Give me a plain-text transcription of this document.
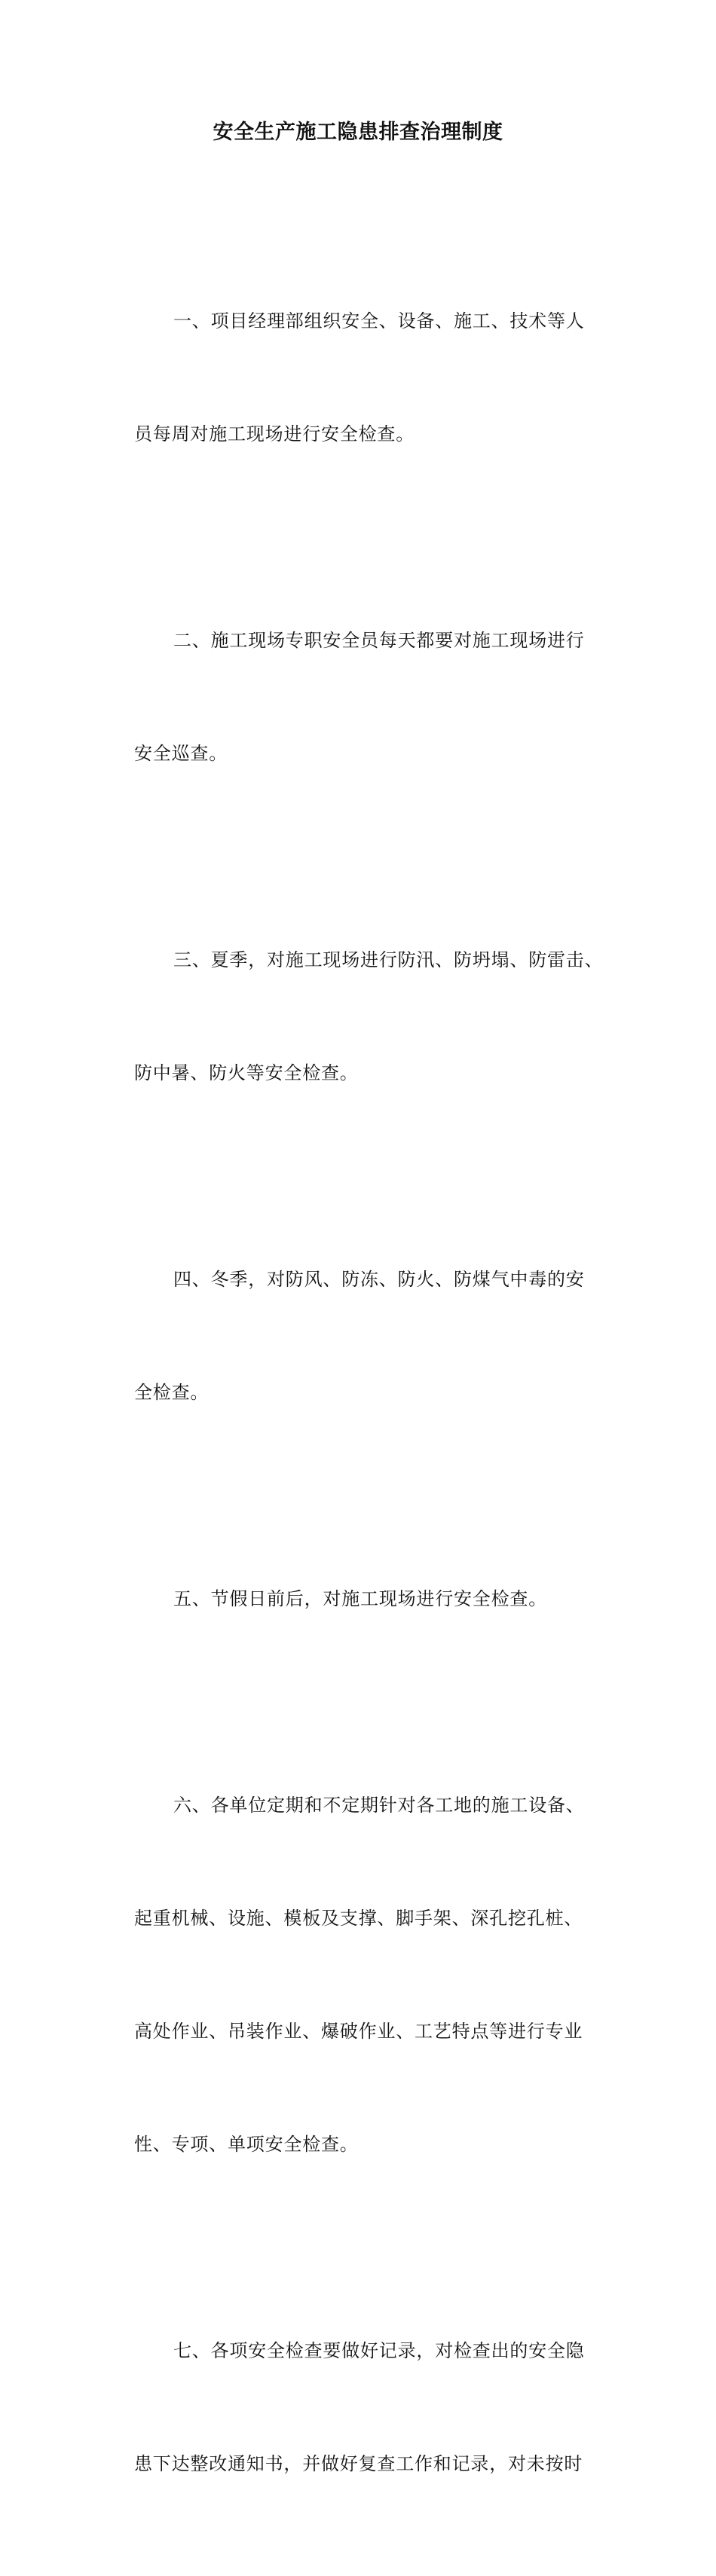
安全生产施工隐患排查治理制度

一、项目经理部组织安全、设备、施工、技术等人

员每周对施工现场进行安全检查。

二、施工现场专职安全员每天都要对施工现场进行

安全巡查。

三、夏季，对施工现场进行防汛、防坍塌、防雷击、

防中暑、防火等安全检查。

四、冬季，对防风、防冻、防火、防煤气中毒的安

全检查。

五、节假日前后，对施工现场进行安全检查。

六、各单位定期和不定期针对各工地的施工设备、

起重机械、设施、模板及支撑、脚手架、深孔挖孔桩、

高处作业、吊装作业、爆破作业、工艺特点等进行专业

性、专项、单项安全检查。

七、各项安全检查要做好记录，对检查出的安全隐

患下达整改通知书，并做好复查工作和记录，对未按时
